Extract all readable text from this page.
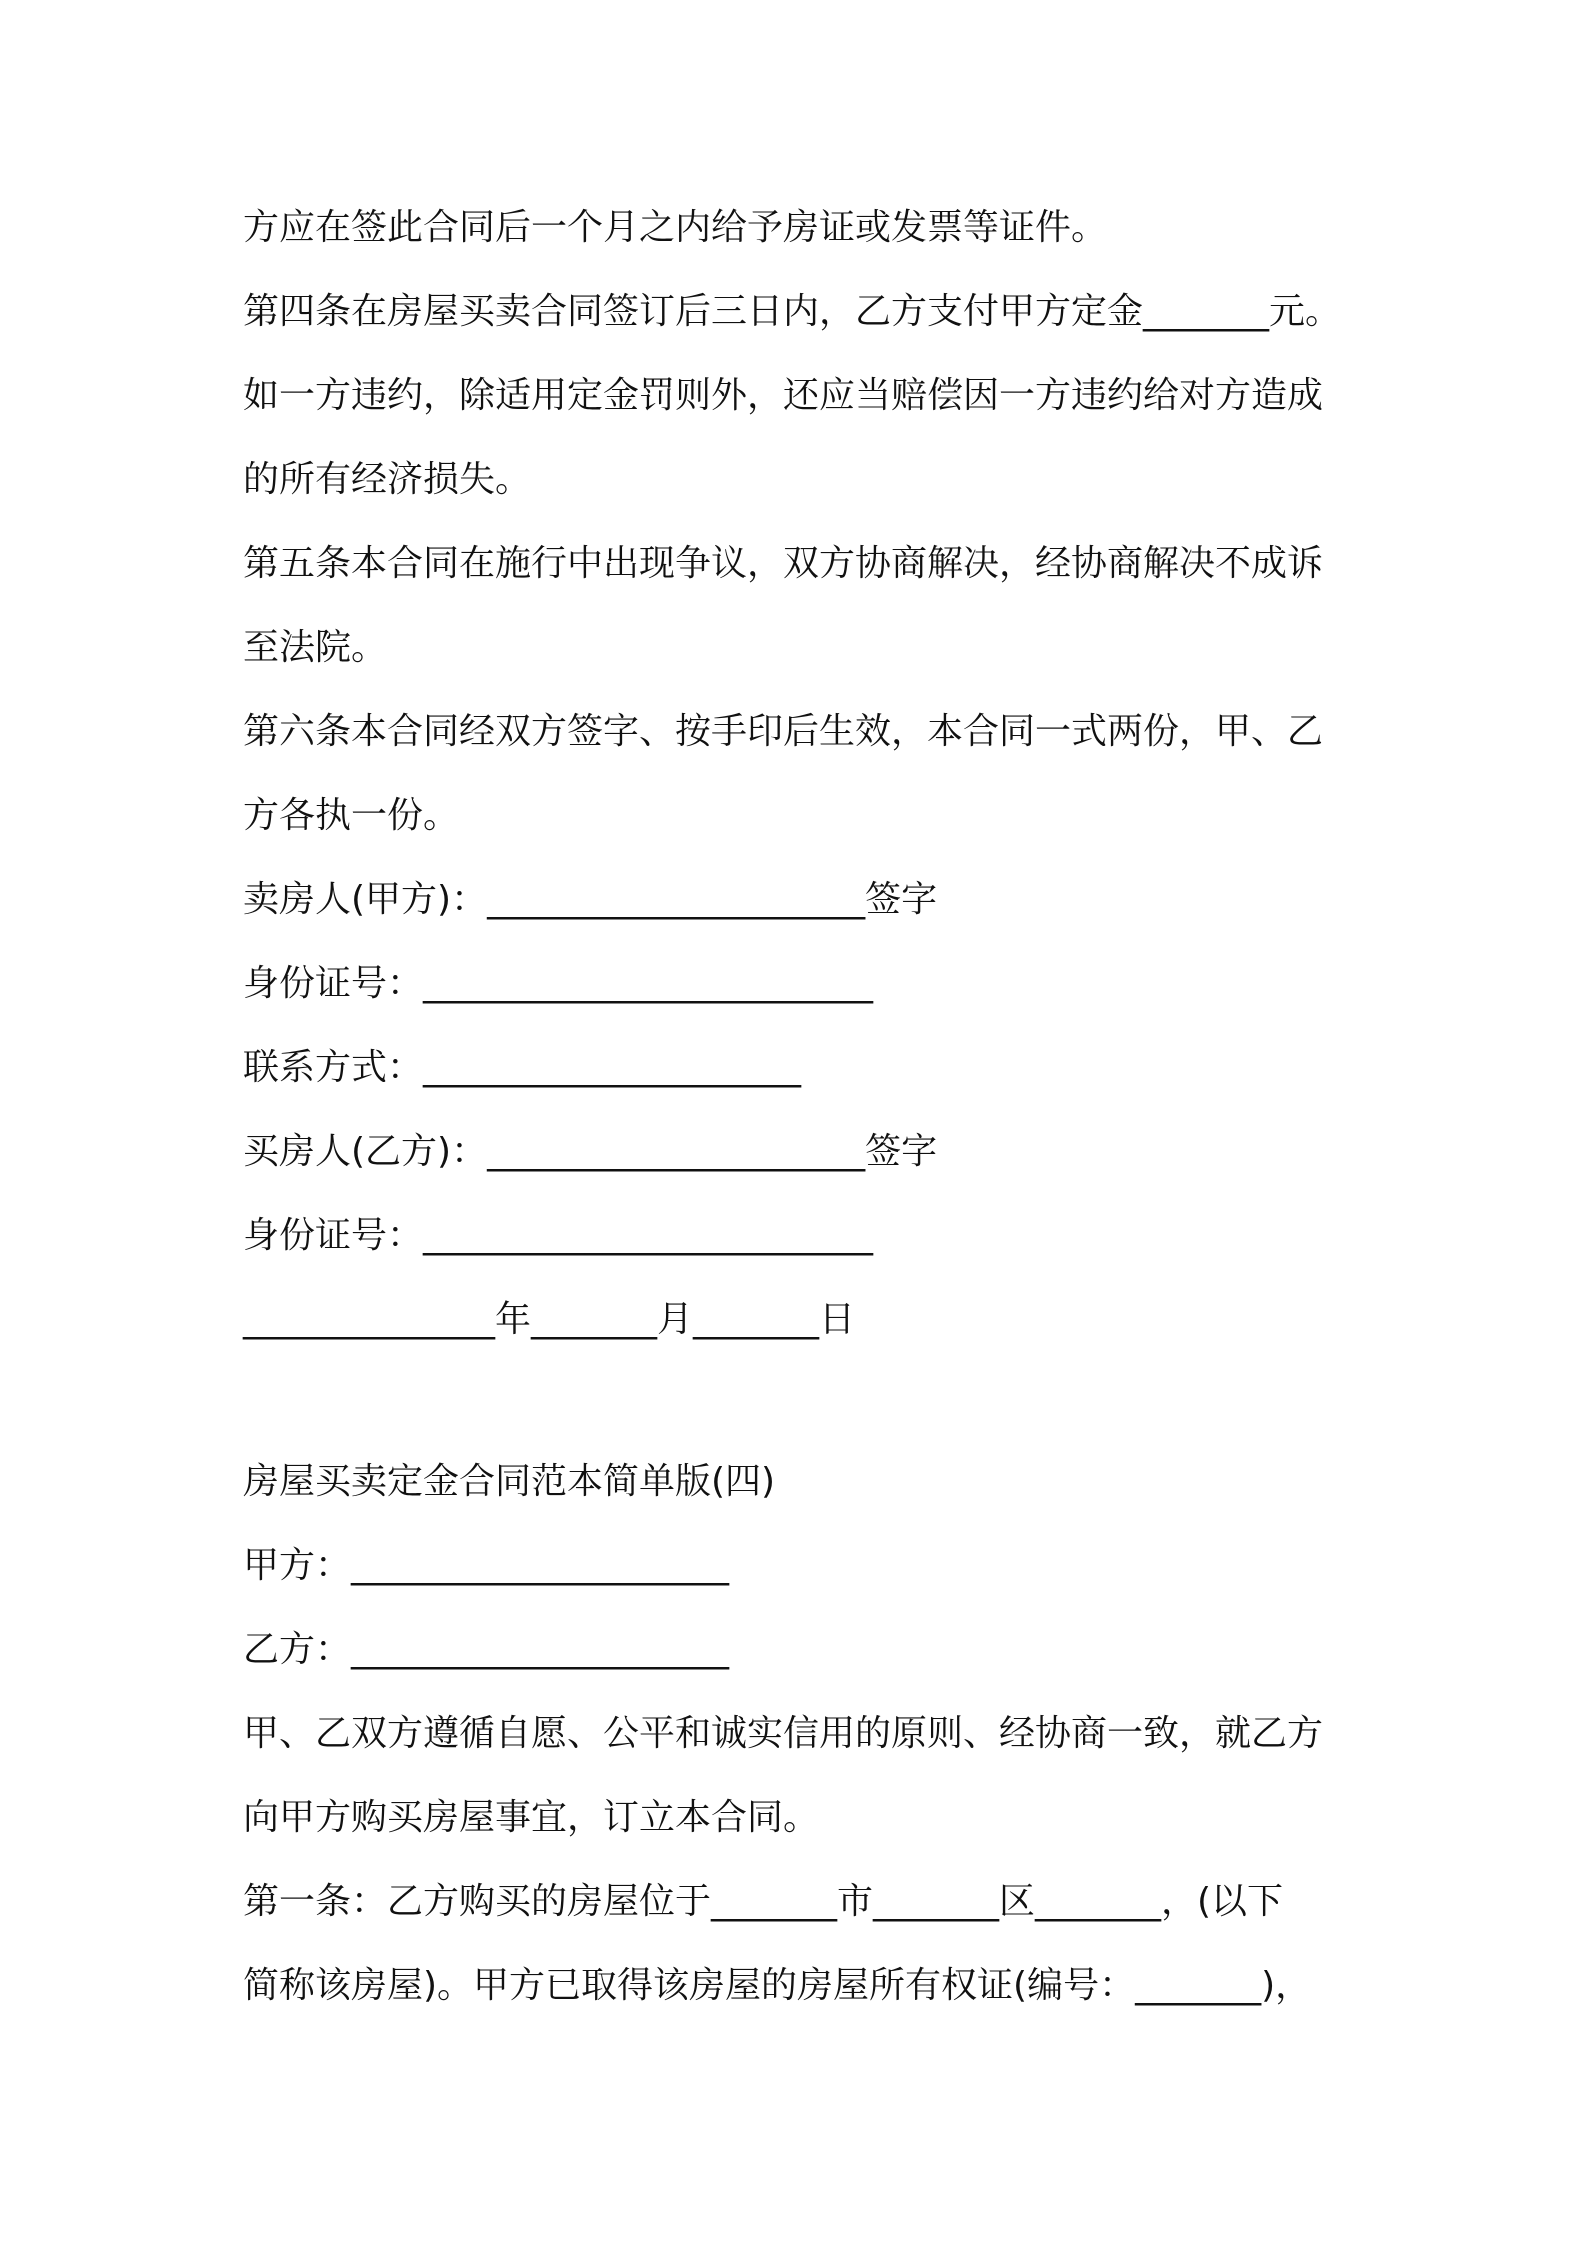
方应在签此合同后一个月之内给予房证或发票等证件。
第四条在房屋买卖合同签订后三日内，乙方支付甲方定金_______元。
如一方违约，除适用定金罚则外，还应当赔偿因一方违约给对方造成
的所有经济损失。
第五条本合同在施行中出现争议，双方协商解决，经协商解决不成诉
至法院。
第六条本合同经双方签字、按手印后生效，本合同一式两份，甲、乙
方各执一份。
卖房人(甲方)：_____________________签字
身份证号：_________________________
联系方式：_____________________
买房人(乙方)：_____________________签字
身份证号：_________________________
______________年_______月_______日
房屋买卖定金合同范本简单版(四)
甲方：_____________________
乙方：_____________________
甲、乙双方遵循自愿、公平和诚实信用的原则、经协商一致，就乙方
向甲方购买房屋事宜，订立本合同。
第一条：乙方购买的房屋位于_______市_______区_______，(以下
简称该房屋)。甲方已取得该房屋的房屋所有权证(编号：_______)，
